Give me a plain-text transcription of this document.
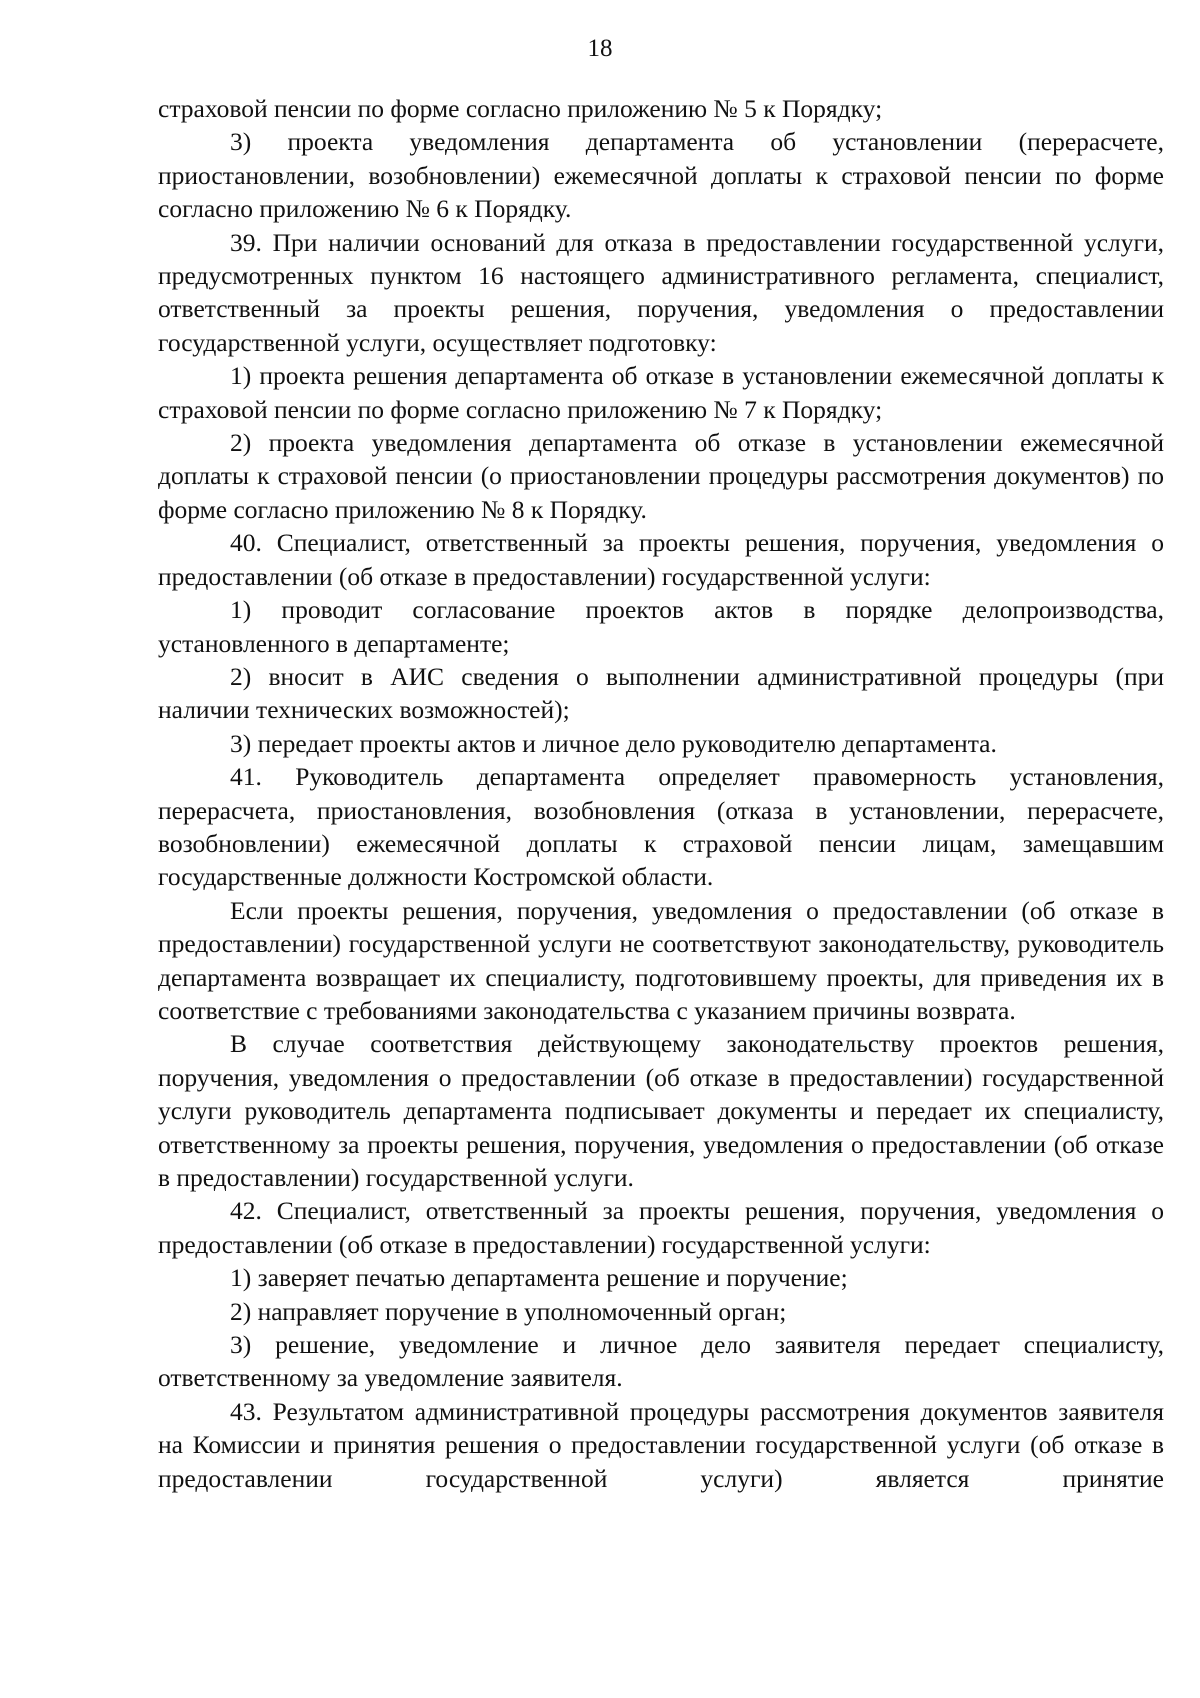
18

страховой пенсии по форме согласно приложению № 5 к Порядку;

3) проекта уведомления департамента об установлении (перерасчете, приостановлении, возобновлении) ежемесячной доплаты к страховой пенсии по форме согласно приложению № 6 к Порядку.

39. При наличии оснований для отказа в предоставлении государственной услуги, предусмотренных пунктом 16 настоящего административного регламента, специалист, ответственный за проекты решения, поручения, уведомления о предоставлении государственной услуги, осуществляет подготовку:

1) проекта решения департамента об отказе в установлении ежемесячной доплаты к страховой пенсии по форме согласно приложению № 7 к Порядку;

2) проекта уведомления департамента об отказе в установлении ежемесячной доплаты к страховой пенсии (о приостановлении процедуры рассмотрения документов) по форме согласно приложению № 8 к Порядку.

40. Специалист, ответственный за проекты решения, поручения, уведомления о предоставлении (об отказе в предоставлении) государственной услуги:

1) проводит согласование проектов актов в порядке делопроизводства, установленного в департаменте;

2) вносит в АИС сведения о выполнении административной процедуры (при наличии технических возможностей);

3) передает проекты актов и личное дело руководителю департамента.

41. Руководитель департамента определяет правомерность установления, перерасчета, приостановления, возобновления (отказа в установлении, перерасчете, возобновлении) ежемесячной доплаты к страховой пенсии лицам, замещавшим государственные должности Костромской области.

Если проекты решения, поручения, уведомления о предоставлении (об отказе в предоставлении) государственной услуги не соответствуют законодательству, руководитель департамента возвращает их специалисту, подготовившему проекты, для приведения их в соответствие с требованиями законодательства с указанием причины возврата.

В случае соответствия действующему законодательству проектов решения, поручения, уведомления о предоставлении (об отказе в предоставлении) государственной услуги руководитель департамента подписывает документы и передает их специалисту, ответственному за проекты решения, поручения, уведомления о предоставлении (об отказе в предоставлении) государственной услуги.

42. Специалист, ответственный за проекты решения, поручения, уведомления о предоставлении (об отказе в предоставлении) государственной услуги:

1) заверяет печатью департамента решение и поручение;

2) направляет поручение в уполномоченный орган;

3) решение, уведомление и личное дело заявителя передает специалисту, ответственному за уведомление заявителя.

43. Результатом административной процедуры рассмотрения документов заявителя на Комиссии и принятия решения о предоставлении государственной услуги (об отказе в предоставлении государственной услуги) является принятие
